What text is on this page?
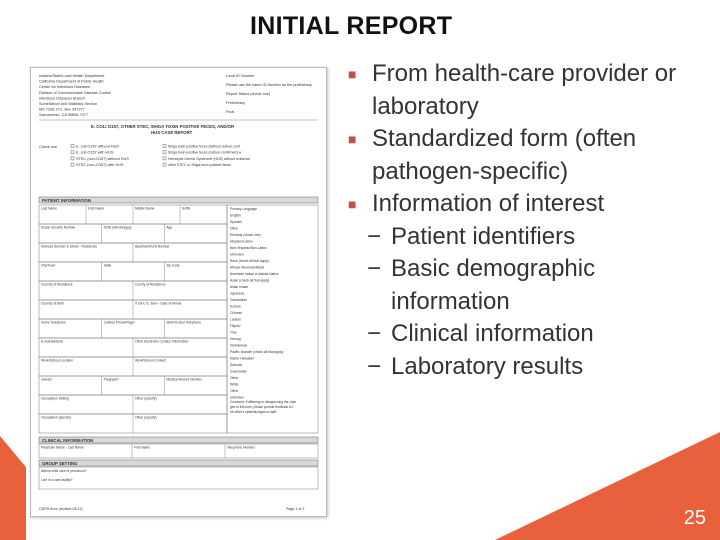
INITIAL REPORT
Indiana/State/Local Health Department
California Department of Public Health
Center for Infectious Diseases
Division of Communicable Disease Control
Infectious Diseases Branch
Surveillance and Statistics Section
MS 7306, P.O. Box 997377
Sacramento, CA 95899-7377
Local ID Number
Please use the same ID Number as the preliminary
Report Status (check one)
Preliminary
Final
E. COLI O157, OTHER STEC, SHIGA TOXIN POSITIVE FECES, AND/OR
HUS CASE REPORT
Check one	E. coli O157 without HUS
E. coli O157 with HUS
STEC (non-O157) without HUS
STEC (non-O157) with HUS
Shiga toxin positive feces (without culture conf
Shiga toxin positive feces (culture confirmed) w
Hemolytic Uremic Syndrome (HUS) without evidence
other STEC or Shiga toxin positive feces
PATIENT INFORMATION
Last Name	First Name	Middle Name	Suffix
Social Security Number	DOB (mm/dd/yyyy)	Age
Address Number & Street - Residence	Apartment/Unit Number
City/Town	State	Zip Code
Country of Residence	County of Residence
Country of Birth	If not U.S. Born - Date of Arrival
Home Telephone	Cellular Phone/Pager	Work/School Telephone
E-mail Address	Other Electronic Contact Information
Work/School Location	Work/School Contact
Gender	Pregnant?	Medical Record Number
Occupation Setting	Other (specify)
Occupation (specify)	Other (specify)
Primary Language
English
Spanish
Other
Ethnicity (check one)
Hispanic/Latino
Non-Hispanic/Non-Latino
Unknown
Race (check all that apply)
African-American/Black
American Indian or Alaska Native
Asian (check all that apply)
Asian Indian
Japanese
Cambodian
Korean
Chinese
Laotian
Filipino
Thai
Hmong
Vietnamese
Pacific Islander (check all that apply)
Native Hawaiian
Samoan
Guamanian
Other
White
Other
Unknown
Comment: If affirming or disapproving the chan
ges to this form, please provide feedback to t
he office's epidemiologist or staff.
CLINICAL INFORMATION
Physician Name - Last Name	First Name	Telephone Number
GROUP SETTING
Attend child care or preschool?
Live in a care facility?
CDPH 8xxx (revised 04/13)	Page 1 of 3
■ From health-care provider or laboratory
■ Standardized form (often pathogen-specific)
■ Information of interest
− Patient identifiers
− Basic demographic information
− Clinical information
− Laboratory results
25
